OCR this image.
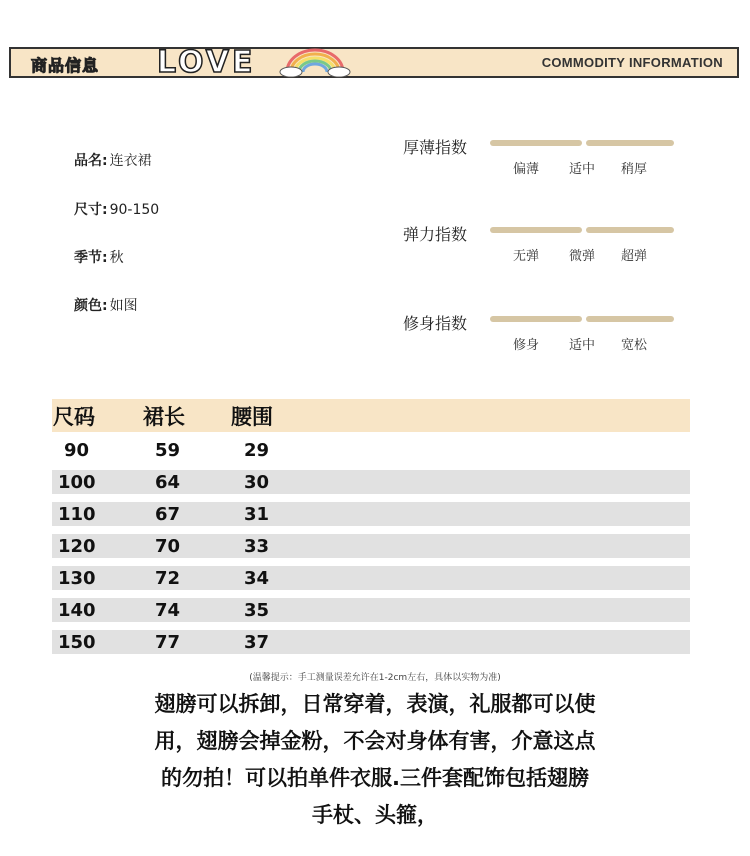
商品信息 LOVE	COMMODITY INFORMATION
品名: 连衣裙
尺寸: 90-150
季节: 秋
颜色: 如图
厚薄指数
偏薄 适中 稍厚
弹力指数
无弹 微弹 超弹
修身指数
修身 适中 宽松
尺码 裙长 腰围
90	59	29
100	64	30
110	67	31
120	70	33
130	72	34
140	74	35
150	77	37
(温馨提示：手工测量误差允许在1-2cm左右，具体以实物为准)
翅膀可以拆卸，日常穿着，表演，礼服都可以使
用，翅膀会掉金粉，不会对身体有害，介意这点
的勿拍！可以拍单件衣服.三件套配饰包括翅膀
手杖、头箍，
